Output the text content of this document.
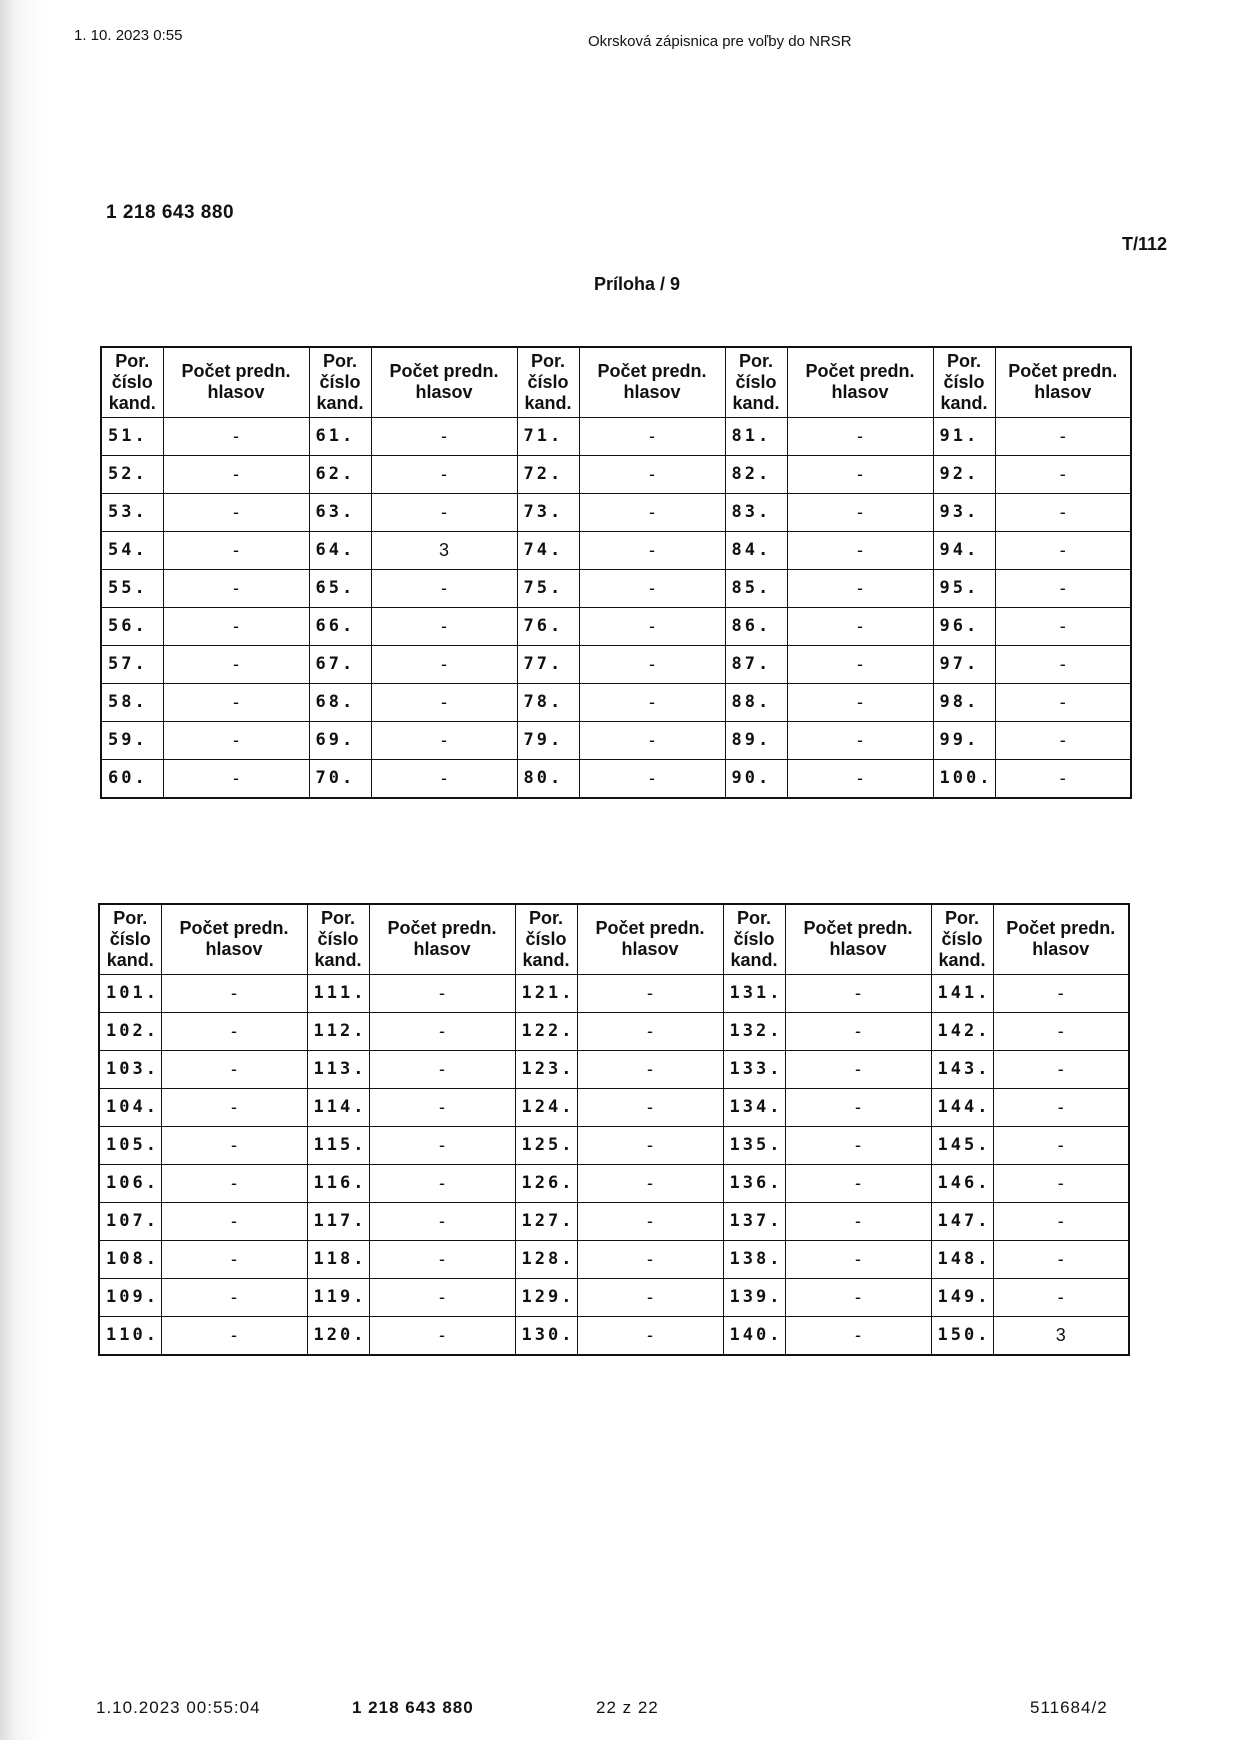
1. 10. 2023 0:55	Okrsková zápisnica pre voľby do NRSR
1 218 643 880
T/112
Príloha / 9
Por. číslo kand.	Počet predn. hlasov	Por. číslo kand.	Počet predn. hlasov	Por. číslo kand.	Počet predn. hlasov	Por. číslo kand.	Počet predn. hlasov	Por. číslo kand.	Počet predn. hlasov
51.	-	61.	-	71.	-	81.	-	91.	-
52.	-	62.	-	72.	-	82.	-	92.	-
53.	-	63.	-	73.	-	83.	-	93.	-
54.	-	64.	3	74.	-	84.	-	94.	-
55.	-	65.	-	75.	-	85.	-	95.	-
56.	-	66.	-	76.	-	86.	-	96.	-
57.	-	67.	-	77.	-	87.	-	97.	-
58.	-	68.	-	78.	-	88.	-	98.	-
59.	-	69.	-	79.	-	89.	-	99.	-
60.	-	70.	-	80.	-	90.	-	100.	-
Por. číslo kand.	Počet predn. hlasov	Por. číslo kand.	Počet predn. hlasov	Por. číslo kand.	Počet predn. hlasov	Por. číslo kand.	Počet predn. hlasov	Por. číslo kand.	Počet predn. hlasov
101.	-	111.	-	121.	-	131.	-	141.	-
102.	-	112.	-	122.	-	132.	-	142.	-
103.	-	113.	-	123.	-	133.	-	143.	-
104.	-	114.	-	124.	-	134.	-	144.	-
105.	-	115.	-	125.	-	135.	-	145.	-
106.	-	116.	-	126.	-	136.	-	146.	-
107.	-	117.	-	127.	-	137.	-	147.	-
108.	-	118.	-	128.	-	138.	-	148.	-
109.	-	119.	-	129.	-	139.	-	149.	-
110.	-	120.	-	130.	-	140.	-	150.	3
1.10.2023 00:55:04	1 218 643 880	22 z 22	511684/2
